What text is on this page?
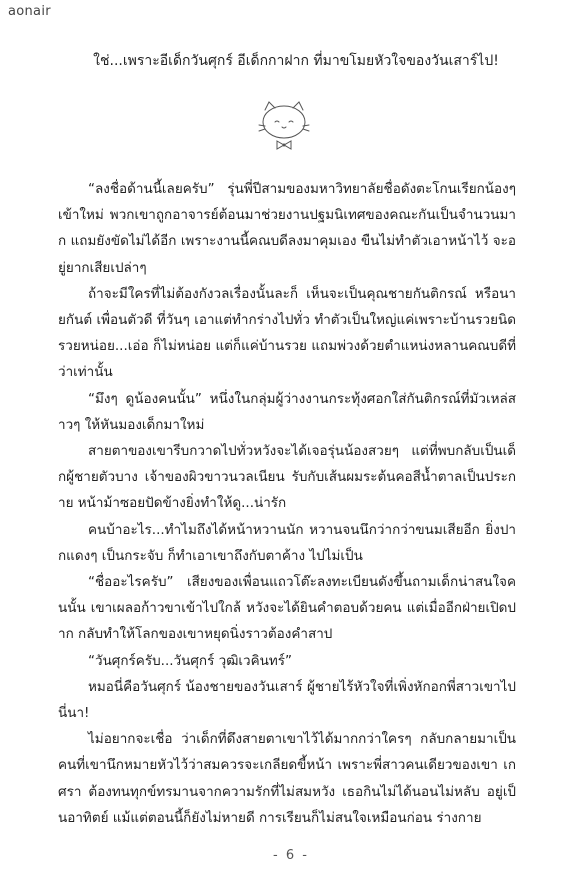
aonair
ใช่...เพราะอีเด็กวันศุกร์ อีเด็กกาฝาก ที่มาขโมยหัวใจของวันเสาร์ไป!

“ลงชื่อด้านนี้เลยครับ” รุ่นพี่ปีสามของมหาวิทยาลัยชื่อดังตะโกนเรียกน้องๆ เข้าใหม่ พวกเขาถูกอาจารย์ต้อนมาช่วยงานปฐมนิเทศของคณะกันเป็นจำนวนมาก แถมยังขัดไม่ได้อีก เพราะงานนี้คณบดีลงมาคุมเอง ขืนไม่ทำตัวเอาหน้าไว้ จะอยู่ยากเสียเปล่าๆ

ถ้าจะมีใครที่ไม่ต้องกังวลเรื่องนั้นละก็ เห็นจะเป็นคุณชายกันติกรณ์ หรือนายกันต์ เพื่อนตัวดี ที่วันๆ เอาแต่ทำกร่างไปทั่ว ทำตัวเป็นใหญ่แค่เพราะบ้านรวยนิดรวยหน่อย...เอ่อ ก็ไม่หน่อย แต่ก็แค่บ้านรวย แถมพ่วงด้วยตำแหน่งหลานคณบดีที่ว่าเท่านั้น

“มึงๆ ดูน้องคนนั้น” หนึ่งในกลุ่มผู้ว่างงานกระทุ้งศอกใส่กันติกรณ์ที่มัวเหล่สาวๆ ให้หันมองเด็กมาใหม่

สายตาของเขารีบกวาดไปทั่วหวังจะได้เจอรุ่นน้องสวยๆ แต่ที่พบกลับเป็นเด็กผู้ชายตัวบาง เจ้าของผิวขาวนวลเนียน รับกับเส้นผมระต้นคอสีน้ำตาลเป็นประกาย หน้าม้าซอยปัดข้างยิ่งทำให้ดู...น่ารัก

คนบ้าอะไร...ทำไมถึงได้หน้าหวานนัก หวานจนนึกว่ากว่าขนมเสียอีก ยิ่งปากแดงๆ เป็นกระจับ ก็ทำเอาเขาถึงกับตาค้าง ไปไม่เป็น

“ชื่ออะไรครับ” เสียงของเพื่อนแถวโต๊ะลงทะเบียนดังขึ้นถามเด็กน่าสนใจคนนั้น เขาเผลอก้าวขาเข้าไปใกล้ หวังจะได้ยินคำตอบด้วยคน แต่เมื่ออีกฝ่ายเปิดปาก กลับทำให้โลกของเขาหยุดนิ่งราวต้องคำสาป

“วันศุกร์ครับ...วันศุกร์ วุฒิเวคินทร์”

หมอนี่คือวันศุกร์ น้องชายของวันเสาร์ ผู้ชายไร้หัวใจที่เพิ่งหักอกพี่สาวเขาไปนี่นา!

ไม่อยากจะเชื่อ ว่าเด็กที่ดึงสายตาเขาไว้ได้มากกว่าใครๆ กลับกลายมาเป็นคนที่เขานึกหมายหัวไว้ว่าสมควรจะเกลียดขี้หน้า เพราะพี่สาวคนเดียวของเขา เกศรา ต้องทนทุกข์ทรมานจากความรักที่ไม่สมหวัง เธอกินไม่ได้นอนไม่หลับ อยู่เป็นอาทิตย์ แม้แต่ตอนนี้ก็ยังไม่หายดี การเรียนก็ไม่สนใจเหมือนก่อน ร่างกาย

- 6 -
